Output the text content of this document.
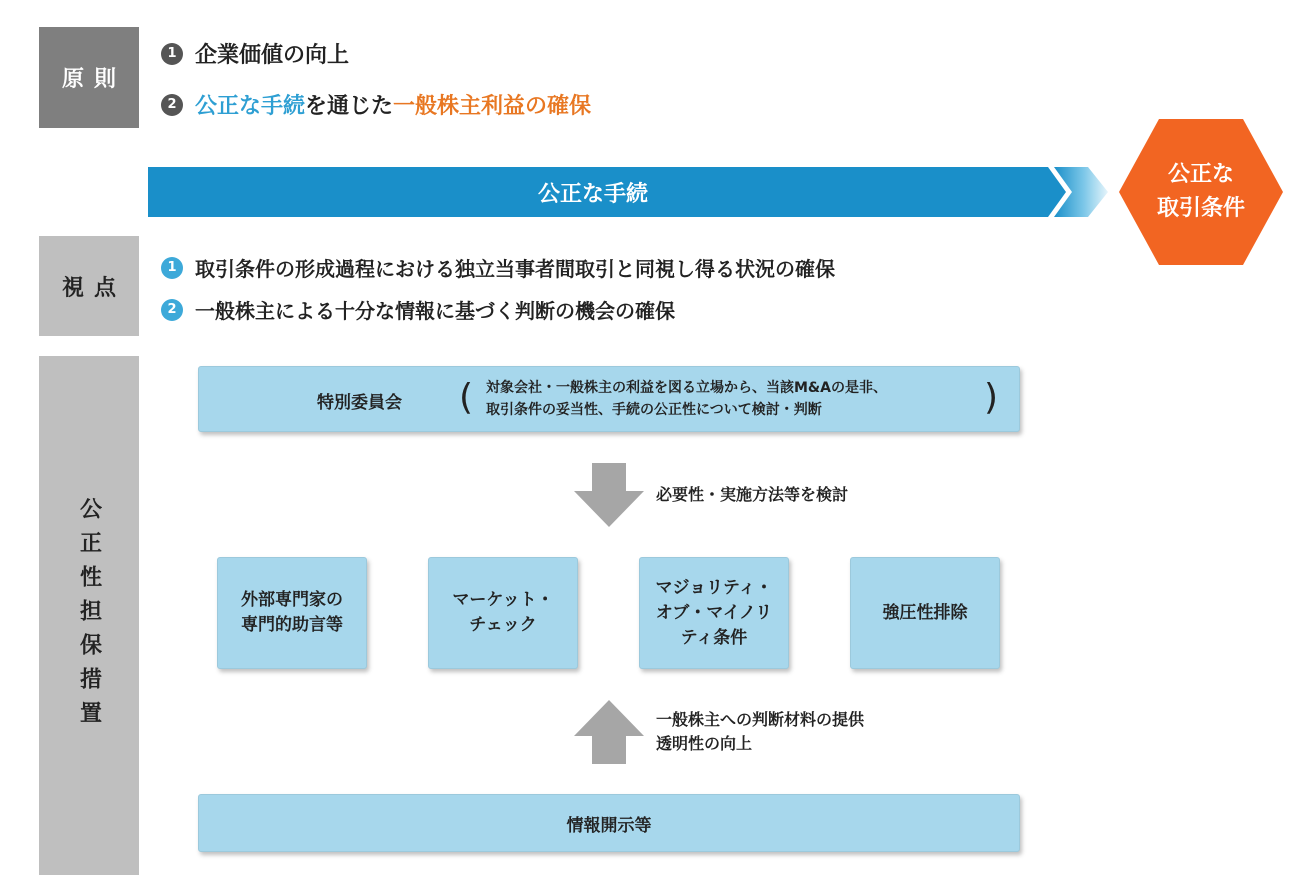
原則
視点
公正性担保措置
1 企業価値の向上
2 公正な手続 を通じた 一般株主利益の確保
公正な手続
公正な
取引条件
1 取引条件の形成過程における独立当事者間取引と同視し得る状況の確保
2 一般株主による十分な情報に基づく判断の機会の確保
特別委員会 ( 対象会社・一般株主の利益を図る立場から、当該M&Aの是非、
取引条件の妥当性、手続の公正性について検討・判断	)
必要性・実施方法等を検討
外部専門家の
専門的助言等
マーケット・
チェック
マジョリティ・
オブ・マイノリ
ティ条件
強圧性排除
一般株主への判断材料の提供
透明性の向上
情報開示等
